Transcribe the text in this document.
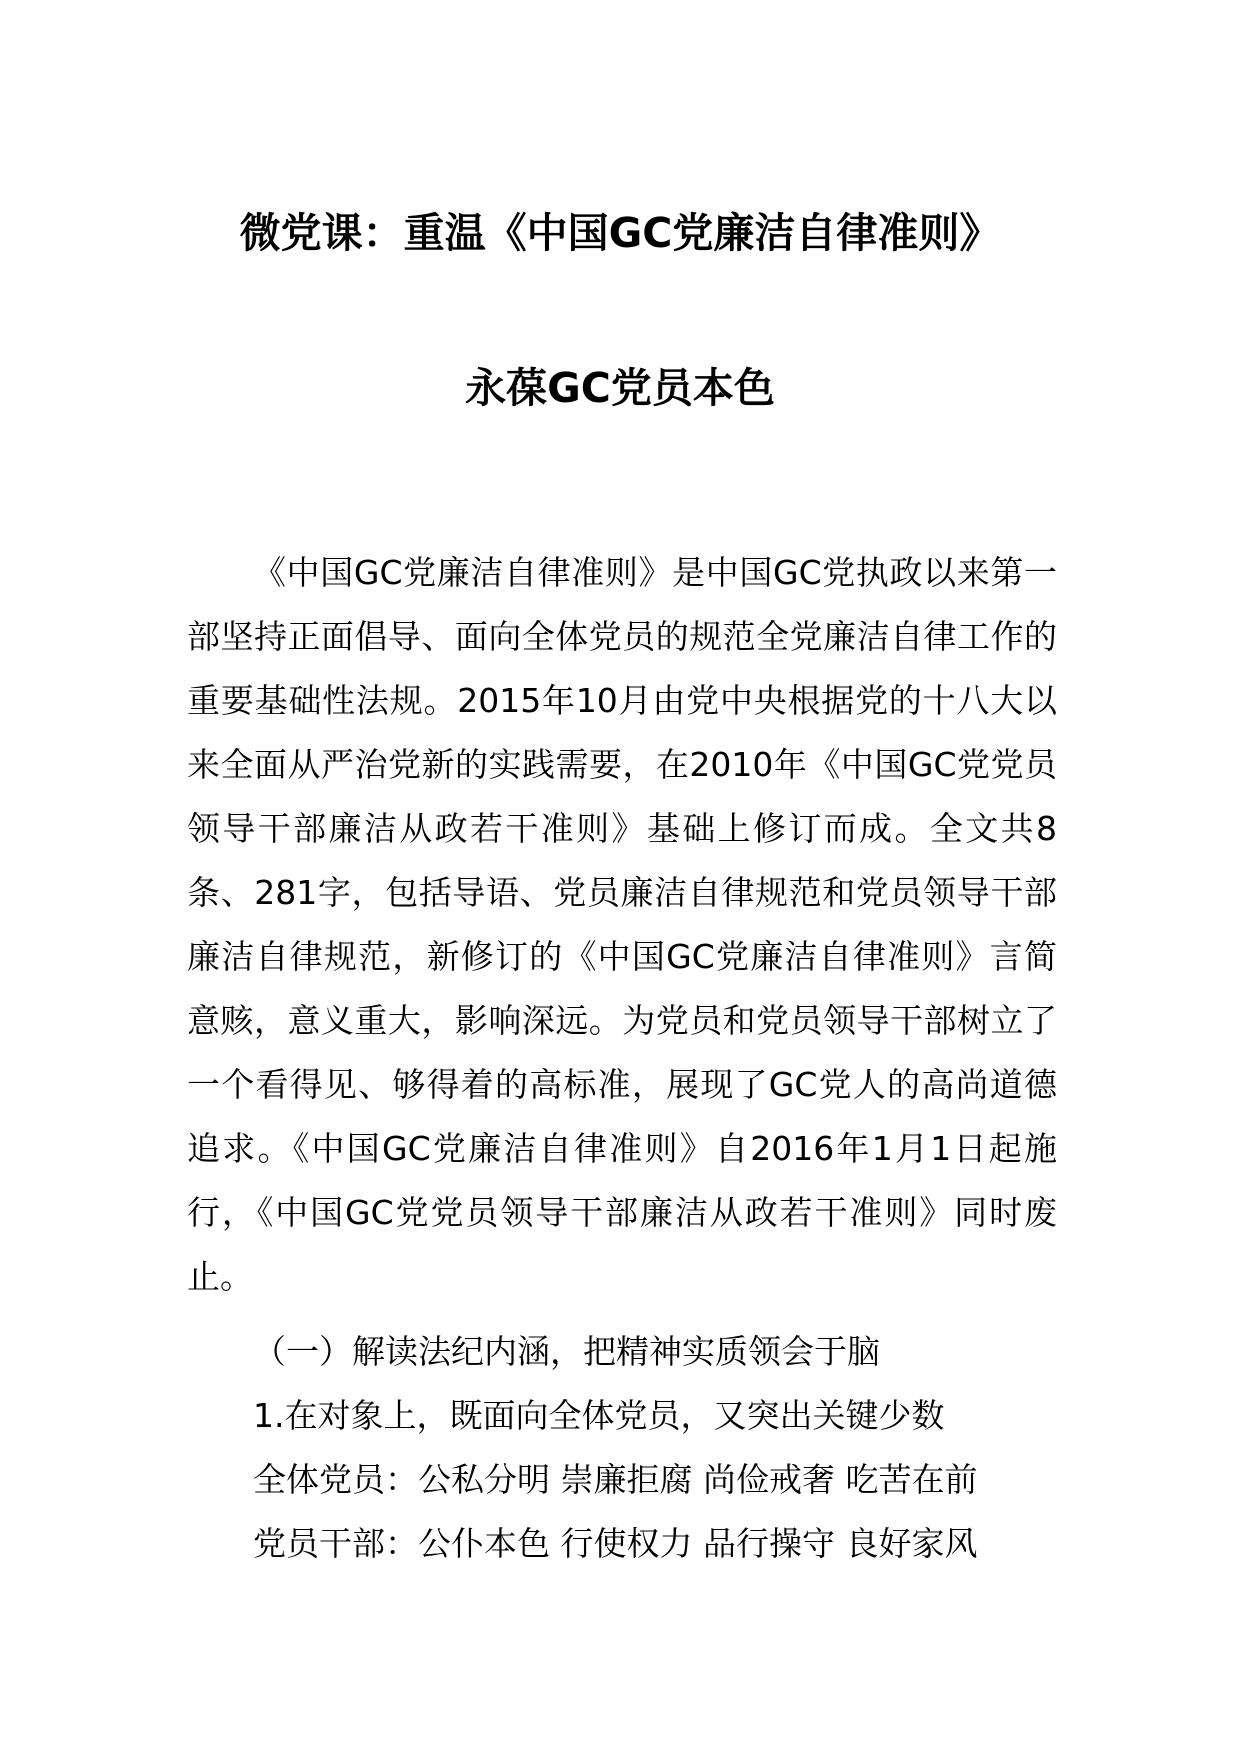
微党课：重温《中国GC党廉洁自律准则》
永葆GC党员本色
《中国GC党廉洁自律准则》是中国GC党执政以来第一部坚持正面倡导、面向全体党员的规范全党廉洁自律工作的重要基础性法规。2015年10月由党中央根据党的十八大以来全面从严治党新的实践需要，在2010年《中国GC党党员领导干部廉洁从政若干准则》基础上修订而成。全文共8条、281字，包括导语、党员廉洁自律规范和党员领导干部廉洁自律规范，新修订的《中国GC党廉洁自律准则》言简意赅，意义重大，影响深远。为党员和党员领导干部树立了一个看得见、够得着的高标准，展现了GC党人的高尚道德追求。《中国GC党廉洁自律准则》自2016年1月1日起施行，《中国GC党党员领导干部廉洁从政若干准则》同时废止。
（一）解读法纪内涵，把精神实质领会于脑
1.在对象上，既面向全体党员，又突出关键少数
全体党员：公私分明 崇廉拒腐 尚俭戒奢 吃苦在前
党员干部：公仆本色 行使权力 品行操守 良好家风
